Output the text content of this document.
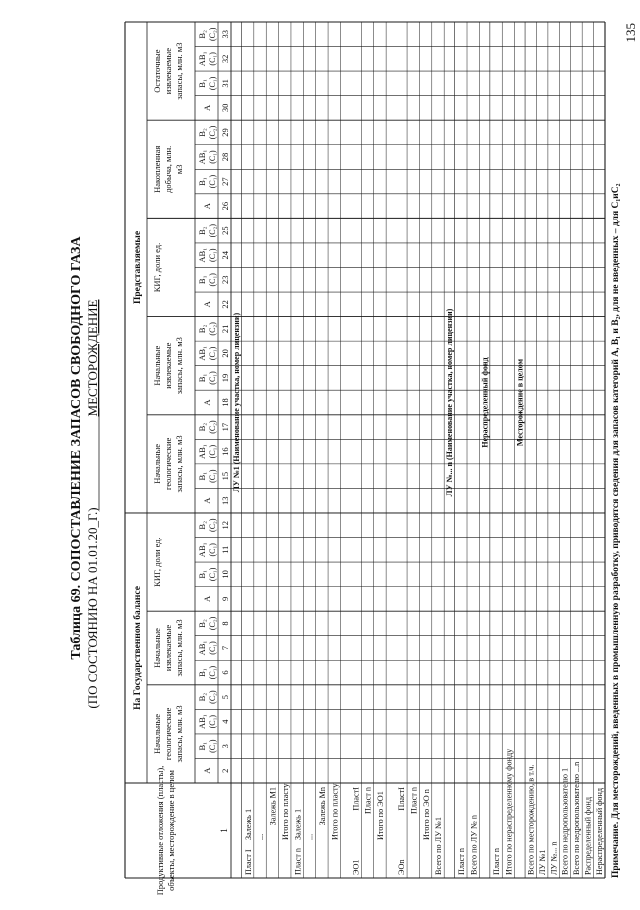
Таблица 69. СОПОСТАВЛЕНИЕ ЗАПАСОВ СВОБОДНОГО ГАЗА (ПО СОСТОЯНИЮ НА 01.01.20_Г.)
МЕСТОРОЖДЕНИЕ
Продуктивные отложения (пласты), объекты, месторождение в целом	1
На Государственном балансе
Представляемые
Начальные геологические запасы, млн. м3
Начальные извлекаемые запасы, млн. м3
КИГ, доли ед.
Начальные геологические запасы, млн. м3
Начальные извлекаемые запасы, млн. м3
КИГ, доли ед.
Накопленная добыча, млн. м3
Остаточные извлекаемые запасы, млн. м3
А
В₁ (С₁)
АВ₁ (С₁)
В₂ (С₂)
В₁ (С₁)
АВ₁ (С₁)
В₂ (С₂)
А
В₁ (С₁)
АВ₁ (С₁)
В₂ (С₂)
А
В₁ (С₁)
АВ₁ (С₁)
В₂ (С₂)
А
В₁ (С₁)
АВ₁ (С₁)
В₂ (С₂)
А
В₁ (С₁)
АВ₁ (С₁)
В₂ (С₂)
А
В₁ (С₁)
АВ₁ (С₁)
В₂ (С₂)
А
В₁ (С₁)
АВ₁ (С₁)
В₂ (С₂)
2
3
4
5
6
7
8
9
10
11
12
13
15
16
17
18
19
20
21
22
23
24
25
26
27
28
29
30
31
32
33
ЛУ №1 (Наименование участка, номер лицензии)
Пласт I
Залежь 1 ...
Залежь М1 Итого по пласту
Пласт n
Залежь 1 ...
Залежь Мn Итого по пласту
ЭО1
ПластI Пласт n Итого по ЭО1
ЭОn
ПластI Пласт n Итого по ЭО n
Всего по ЛУ №1
ЛУ №... n (Наименование участка, номер лицензии)
Пласт n Всего по ЛУ № n
Нераспределенный фонд
Пласт n Итого по нераспределенному фонду
Месторождение в целом
Всего по месторождению, в т.ч. ЛУ №1 ЛУ №... n Всего по недропользователю 1 Всего по недропользователю ...n Распределенный фонд Нераспределенный фонд Примечание. Для месторождений, введенных в промышленную разработку, приводятся сведения для запасов категорий А, В₁ и В₂, для не введенных – для С₁иС₂
135
